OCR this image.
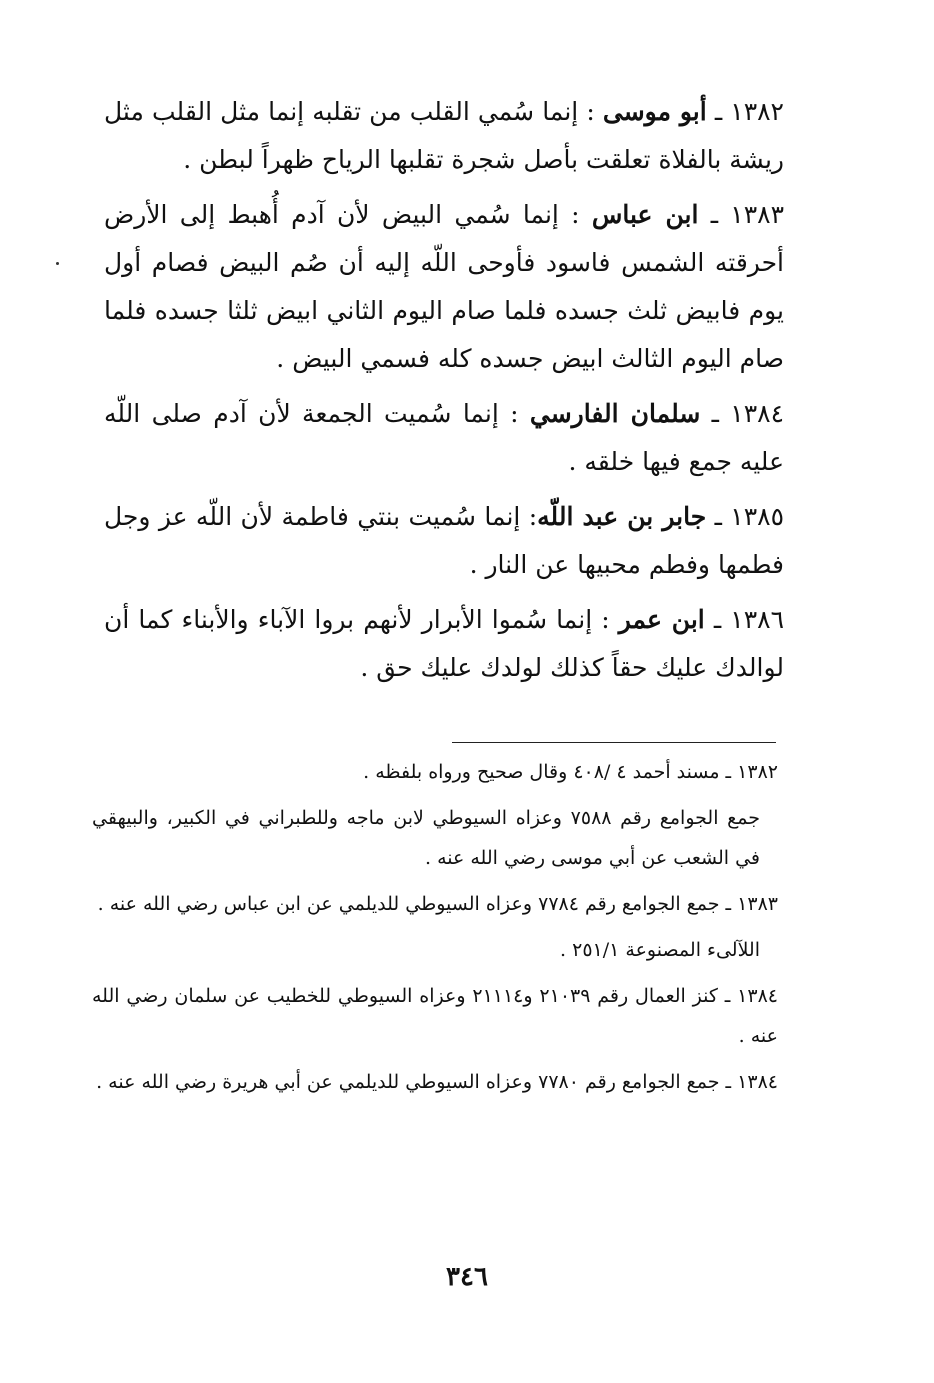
١٣٨٢ ـ أبو موسى : إنما سُمي القلب من تقلبه إنما مثل القلب مثل ريشة بالفلاة تعلقت بأصل شجرة تقلبها الرياح ظهراً لبطن .

١٣٨٣ ـ ابن عباس : إنما سُمي البيض لأن آدم أُهبط إلى الأرض أحرقته الشمس فاسود فأوحى اللّه إليه أن صُم البيض فصام أول يوم فابيض ثلث جسده فلما صام اليوم الثاني ابيض ثلثا جسده فلما صام اليوم الثالث ابيض جسده كله فسمي البيض .

١٣٨٤ ـ سلمان الفارسي : إنما سُميت الجمعة لأن آدم صلى اللّه عليه جمع فيها خلقه .

١٣٨٥ ـ جابر بن عبد اللّه: إنما سُميت بنتي فاطمة لأن اللّه عز وجل فطمها وفطم محبيها عن النار .

١٣٨٦ ـ ابن عمر : إنما سُموا الأبرار لأنهم بروا الآباء والأبناء كما أن لوالدك عليك حقاً كذلك لولدك عليك حق .

١٣٨٢ ـ مسند أحمد ٤ /٤٠٨ وقال صحيح ورواه بلفظه .

جمع الجوامع رقم ٧٥٨٨ وعزاه السيوطي لابن ماجه وللطبراني في الكبير، والبيهقي في الشعب عن أبي موسى رضي الله عنه .

١٣٨٣ ـ جمع الجوامع رقم ٧٧٨٤ وعزاه السيوطي للديلمي عن ابن عباس رضي الله عنه .

اللآلىء المصنوعة ٢٥١/١ .

١٣٨٤ ـ كنز العمال رقم ٢١٠٣٩ و٢١١١٤ وعزاه السيوطي للخطيب عن سلمان رضي الله عنه .

١٣٨٤ ـ جمع الجوامع رقم ٧٧٨٠ وعزاه السيوطي للديلمي عن أبي هريرة رضي الله عنه .

٣٤٦
